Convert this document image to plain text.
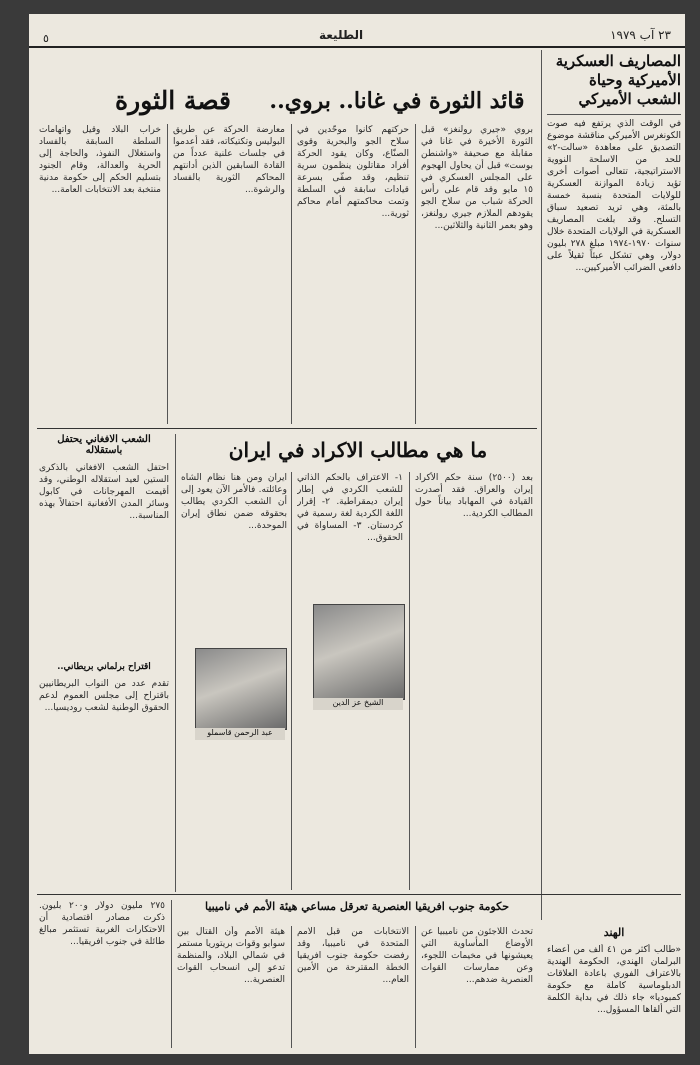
٥	الطليعة	٢٣ آب ١٩٧٩
المصاريف العسكرية
الأميركية وحياة
الشعب الأميركي
في الوقت الذي يرتفع فيه صوت الكونغرس الأميركي مناقشة موضوع التصديق على معاهدة «سالت-٢» للحد من الاسلحة النووية الاستراتيجية، تتعالى أصوات أخرى تؤيد زيادة الموازنة العسكرية للولايات المتحدة بنسبة خمسة بالمئة، وهي تريد تصعيد سباق التسلح. وقد بلغت المصاريف العسكرية في الولايات المتحدة خلال سنوات ١٩٧٠-١٩٧٤ مبلغ ٢٧٨ بليون دولار، وهي تشكل عبئاً ثقيلاً على دافعي الضرائب الأميركيين...
قائد الثورة في غانا.. بروي..
قصة الثورة
بروي «جيري رولنغز» قبل الثورة الأخيرة في غانا في مقابلة مع صحيفة «واشنطن بوست» قبل أن يحاول الهجوم على المجلس العسكري في ١٥ مايو وقد قام على رأس الحركة شباب من سلاح الجو يقودهم الملازم جيري رولنغز، وهو بعمر الثانية والثلاثين...
حركتهم كانوا موحّدين في سلاح الجو والبحرية وقوى الصنّاع، وكان يقود الحركة أفراد مقاتلون ينظمون سرية تنظيم، وقد صفّى بسرعة قيادات سابقة في السلطة وتمت محاكمتهم أمام محاكم ثورية...
معارضة الحركة عن طريق البوليس وتكتيكاته، فقد أعدموا في جلسات علنية عدداً من القادة السابقين الذين أدانتهم المحاكم الثورية بالفساد والرشوة...
خراب البلاد وقيل واتهامات السلطة السابقة بالفساد واستغلال النفوذ، والحاجة إلى الحرية والعدالة، وقام الجنود بتسليم الحكم إلى حكومة مدنية منتخبة بعد الانتخابات العامة...
الشعب الافغاني يحتفل باستقلاله
احتفل الشعب الافغاني بالذكرى الستين لعيد استقلاله الوطني، وقد أقيمت المهرجانات في كابول وسائر المدن الأفغانية احتفالاً بهذه المناسبة...
اقتراح برلماني بريطاني..
تقدم عدد من النواب البريطانيين باقتراح إلى مجلس العموم لدعم الحقوق الوطنية لشعب روديسيا...
ما هي مطالب الاكراد في ايران
بعد (٢٥٠٠) سنة حكم الأكراد إيران والعراق. فقد أصدرت القيادة في المهاباد بياناً حول المطالب الكردية...
الشيخ عز الدين
١- الاعتراف بالحكم الذاتي للشعب الكردي في إطار إيران ديمقراطية. ٢- إقرار اللغة الكردية لغة رسمية في كردستان. ٣- المساواة في الحقوق...
عبد الرحمن قاسملو
ايران ومن هنا نظام الشاه وعائلته. فالأمر الآن يعود إلى أن الشعب الكردي يطالب بحقوقه ضمن نطاق إيران الموحدة...
الهند
«طالب أكثر من ٤١ ألف من أعضاء البرلمان الهندي، الحكومة الهندية بالاعتراف الفوري باعادة العلاقات الدبلوماسية كاملة مع حكومة كمبوديا» جاء ذلك في بداية الكلمة التي ألقاها المسؤول...
حكومة جنوب افريقيا العنصرية تعرقل مساعي هيئة الأمم في ناميبيا
تحدث اللاجئون من ناميبيا عن الأوضاع المأساوية التي يعيشونها في مخيمات اللجوء، وعن ممارسات القوات العنصرية ضدهم...
الانتخابات من قبل الامم المتحدة في ناميبيا، وقد رفضت حكومة جنوب افريقيا الخطة المقترحة من الأمين العام...
هيئة الأمم وأن القتال بين سوابو وقوات بريتوريا مستمر في شمالي البلاد، والمنظمة تدعو إلى انسحاب القوات العنصرية...
٢٧٥ مليون دولار و٢٠٠ بليون. ذكرت مصادر اقتصادية أن الاحتكارات الغربية تستثمر مبالغ طائلة في جنوب افريقيا...
